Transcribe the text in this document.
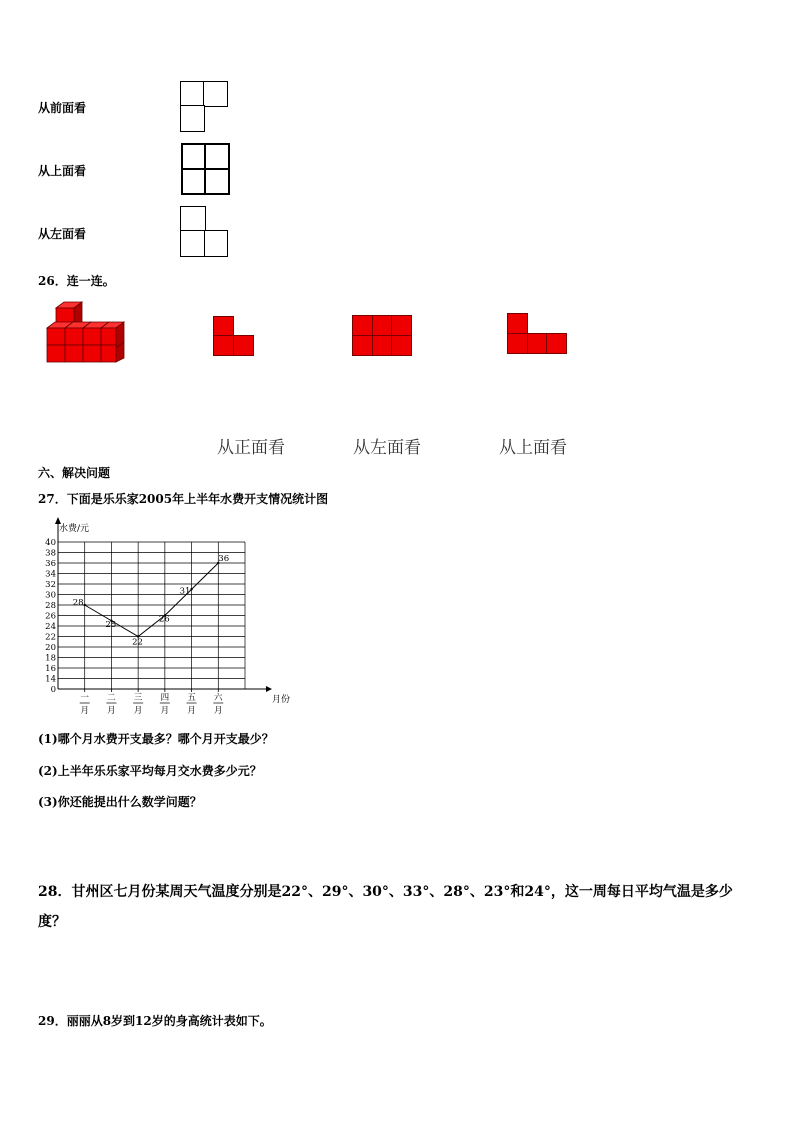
从前面看
从上面看
从左面看
26．连一连。
从正面看	从左面看	从上面看
六、解决问题
27．下面是乐乐家2005年上半年水费开支情况统计图
水费/元
月份
0
14
16
18
20
22
24
26
28
30
32
34
36
38
40
一
月
二
月
三
月
四
月
五
月
六
月
28
25
22
26
31
36
(1)哪个月水费开支最多？哪个月开支最少？
(2)上半年乐乐家平均每月交水费多少元？
(3)你还能提出什么数学问题？
28．甘州区七月份某周天气温度分别是22°、29°、30°、33°、28°、23°和24°，这一周每日平均气温是多少度？
29．丽丽从8岁到12岁的身高统计表如下。
